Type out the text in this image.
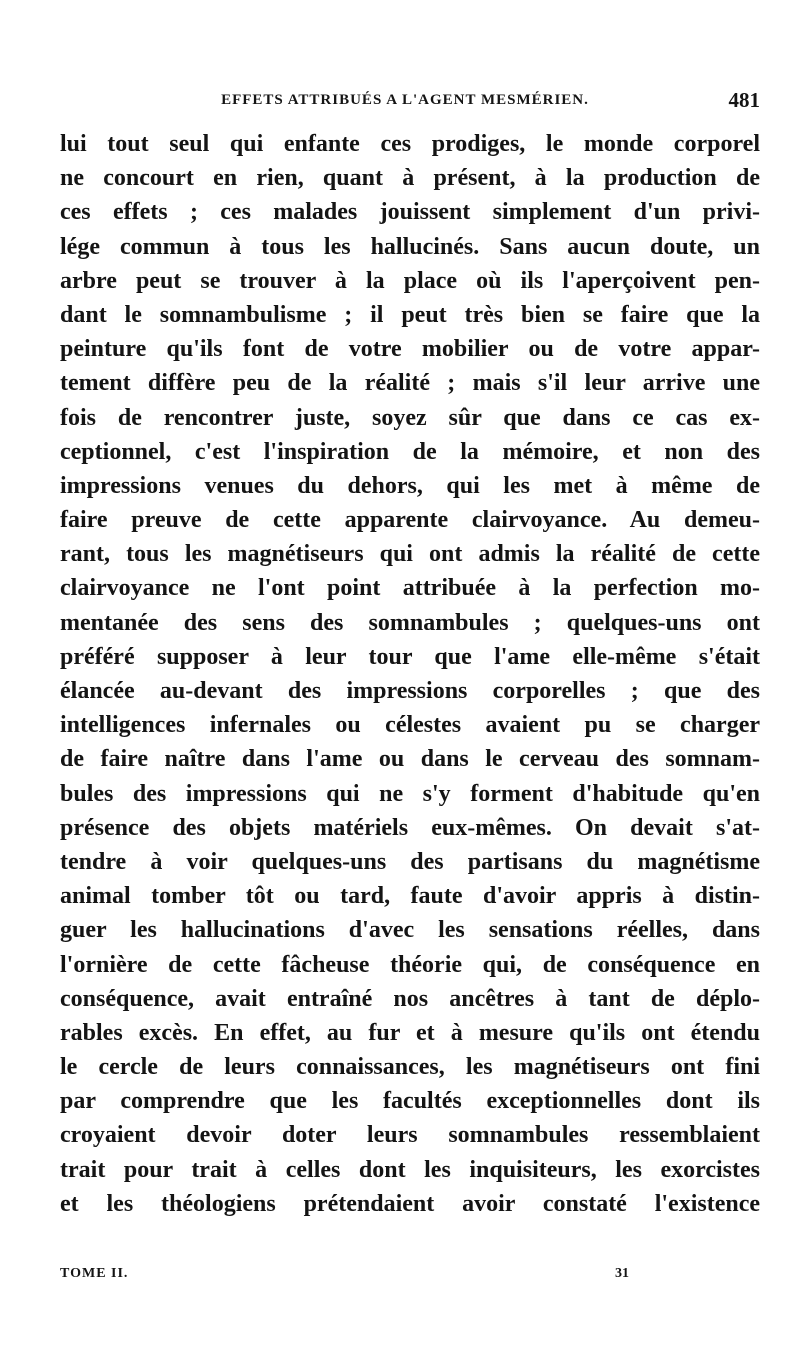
EFFETS ATTRIBUÉS A L'AGENT MESMÉRIEN.	481
lui tout seul qui enfante ces prodiges, le monde corporel
ne concourt en rien, quant à présent, à la production de
ces effets ; ces malades jouissent simplement d'un privi-
lége commun à tous les hallucinés. Sans aucun doute, un
arbre peut se trouver à la place où ils l'aperçoivent pen-
dant le somnambulisme ; il peut très bien se faire que la
peinture qu'ils font de votre mobilier ou de votre appar-
tement diffère peu de la réalité ; mais s'il leur arrive une
fois de rencontrer juste, soyez sûr que dans ce cas ex-
ceptionnel, c'est l'inspiration de la mémoire, et non des
impressions venues du dehors, qui les met à même de
faire preuve de cette apparente clairvoyance. Au demeu-
rant, tous les magnétiseurs qui ont admis la réalité de cette
clairvoyance ne l'ont point attribuée à la perfection mo-
mentanée des sens des somnambules ; quelques-uns ont
préféré supposer à leur tour que l'ame elle-même s'était
élancée au-devant des impressions corporelles ; que des
intelligences infernales ou célestes avaient pu se charger
de faire naître dans l'ame ou dans le cerveau des somnam-
bules des impressions qui ne s'y forment d'habitude qu'en
présence des objets matériels eux-mêmes. On devait s'at-
tendre à voir quelques-uns des partisans du magnétisme
animal tomber tôt ou tard, faute d'avoir appris à distin-
guer les hallucinations d'avec les sensations réelles, dans
l'ornière de cette fâcheuse théorie qui, de conséquence en
conséquence, avait entraîné nos ancêtres à tant de déplo-
rables excès. En effet, au fur et à mesure qu'ils ont étendu
le cercle de leurs connaissances, les magnétiseurs ont fini
par comprendre que les facultés exceptionnelles dont ils
croyaient devoir doter leurs somnambules ressemblaient
trait pour trait à celles dont les inquisiteurs, les exorcistes
et les théologiens prétendaient avoir constaté l'existence
TOME II.	31
